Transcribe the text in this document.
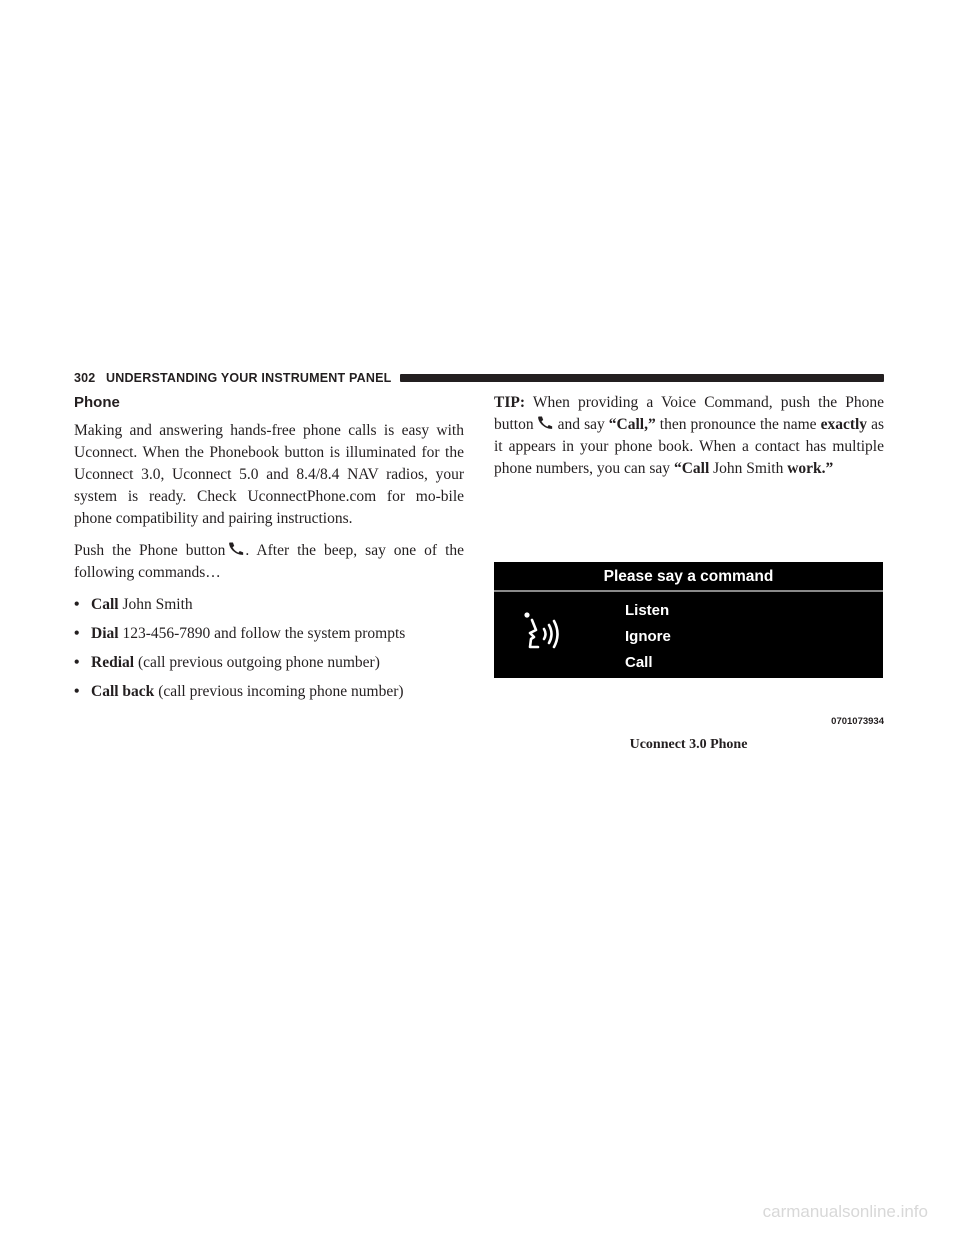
302 UNDERSTANDING YOUR INSTRUMENT PANEL
Phone

Making and answering hands-free phone calls is easy with Uconnect. When the Phonebook button is illuminated for the Uconnect 3.0, Uconnect 5.0 and 8.4/8.4 NAV radios, your system is ready. Check UconnectPhone.com for mo-bile phone compatibility and pairing instructions.

Push the Phone button . After the beep, say one of the following commands…

• Call John Smith
• Dial 123-456-7890 and follow the system prompts
• Redial (call previous outgoing phone number)
• Call back (call previous incoming phone number)

TIP: When providing a Voice Command, push the Phone button and say “Call,” then pronounce the name exactly as it appears in your phone book. When a contact has multiple phone numbers, you can say “Call John Smith work.”

Please say a command
Listen
Ignore
Call
0701073934
Uconnect 3.0 Phone
carmanualsonline.info
